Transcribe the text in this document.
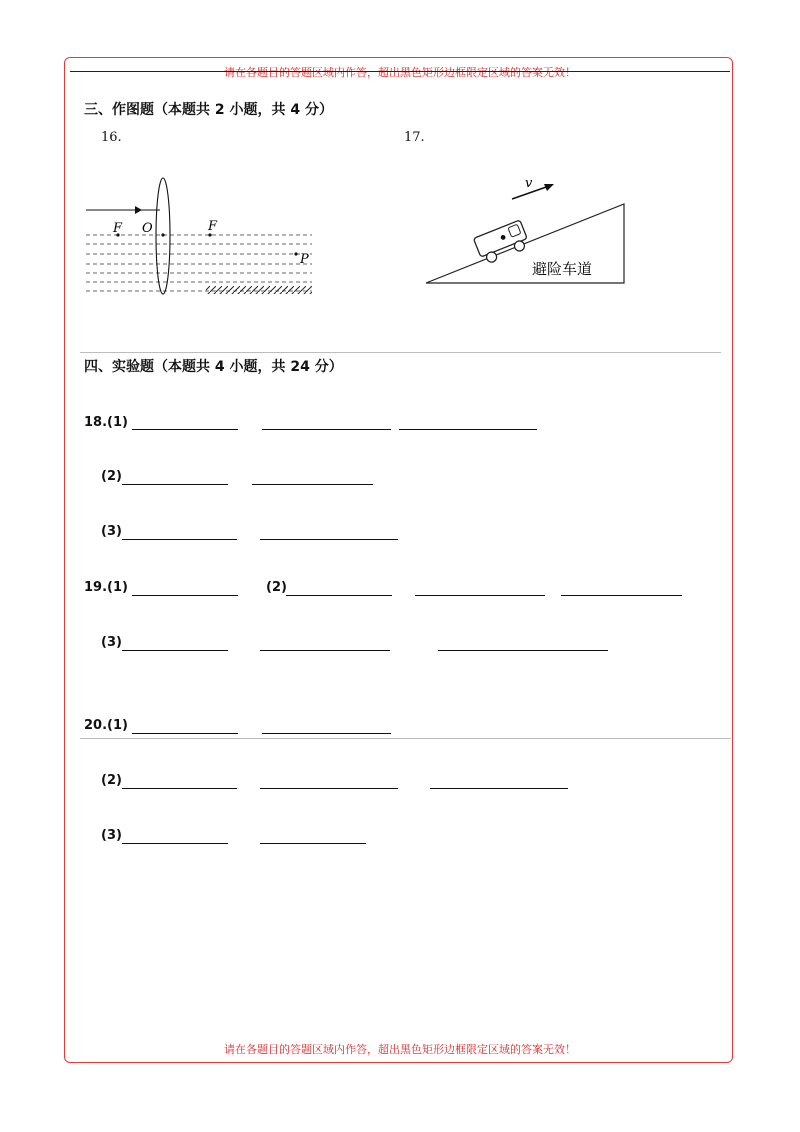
请在各题目的答题区域内作答，超出黑色矩形边框限定区域的答案无效！
三、作图题（本题共 2 小题，共 4 分）
16.	17.
F O	F
P
v
避险车道
四、实验题（本题共 4 小题，共 24 分）
18.(1)
(2)
(3)
19.(1)	(2)
(3)
20.(1)
(2)
(3)
请在各题目的答题区域内作答，超出黑色矩形边框限定区域的答案无效！
